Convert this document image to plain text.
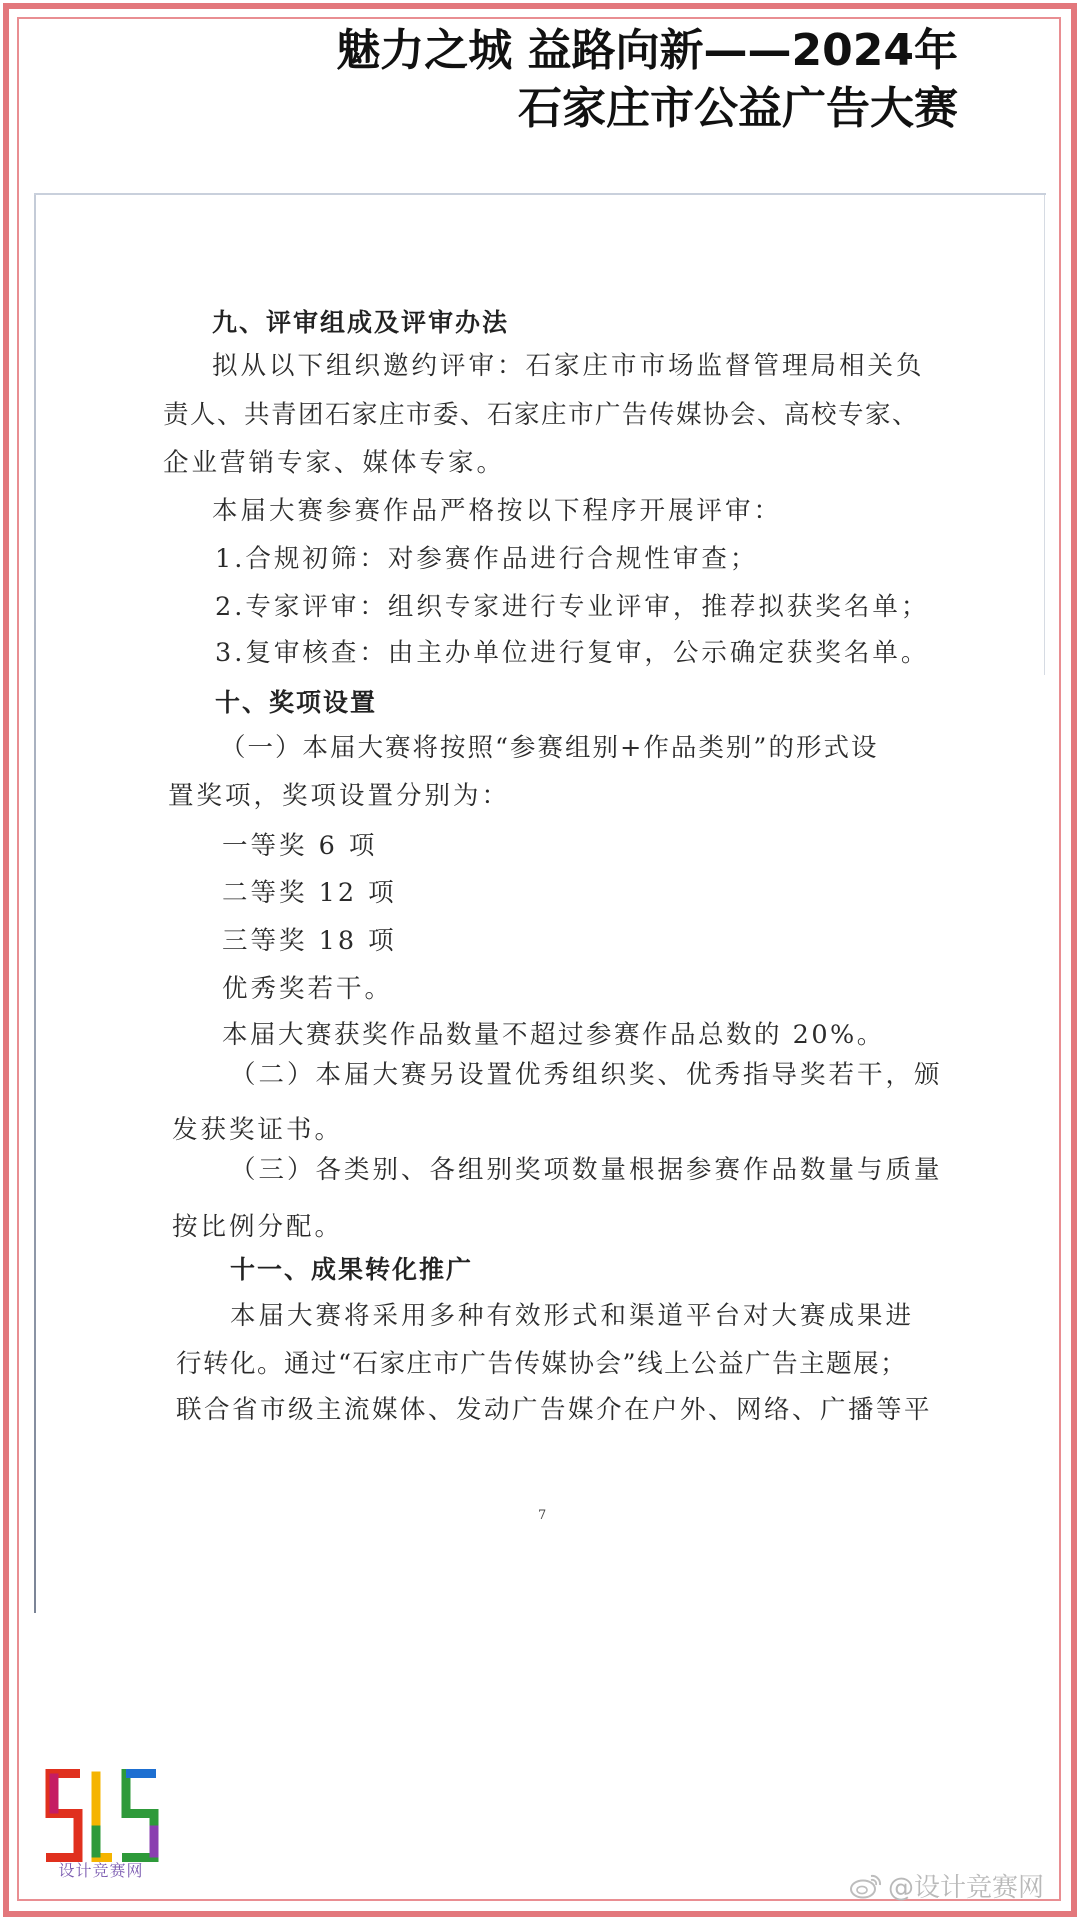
魅力之城 益路向新——2024年
石家庄市公益广告大赛
九、评审组成及评审办法
拟从以下组织邀约评审：石家庄市市场监督管理局相关负
责人、共青团石家庄市委、石家庄市广告传媒协会、高校专家、
企业营销专家、媒体专家。
本届大赛参赛作品严格按以下程序开展评审：
1.合规初筛：对参赛作品进行合规性审查；
2.专家评审：组织专家进行专业评审，推荐拟获奖名单；
3.复审核查：由主办单位进行复审，公示确定获奖名单。
十、奖项设置
（一）本届大赛将按照“参赛组别+作品类别”的形式设
置奖项，奖项设置分别为：
一等奖 6 项
二等奖 12 项
三等奖 18 项
优秀奖若干。
本届大赛获奖作品数量不超过参赛作品总数的 20%。
（二）本届大赛另设置优秀组织奖、优秀指导奖若干，颁
发获奖证书。
（三）各类别、各组别奖项数量根据参赛作品数量与质量
按比例分配。
十一、成果转化推广
本届大赛将采用多种有效形式和渠道平台对大赛成果进
行转化。通过“石家庄市广告传媒协会”线上公益广告主题展；
联合省市级主流媒体、发动广告媒介在户外、网络、广播等平
7
设计竞赛网
@设计竞赛网
